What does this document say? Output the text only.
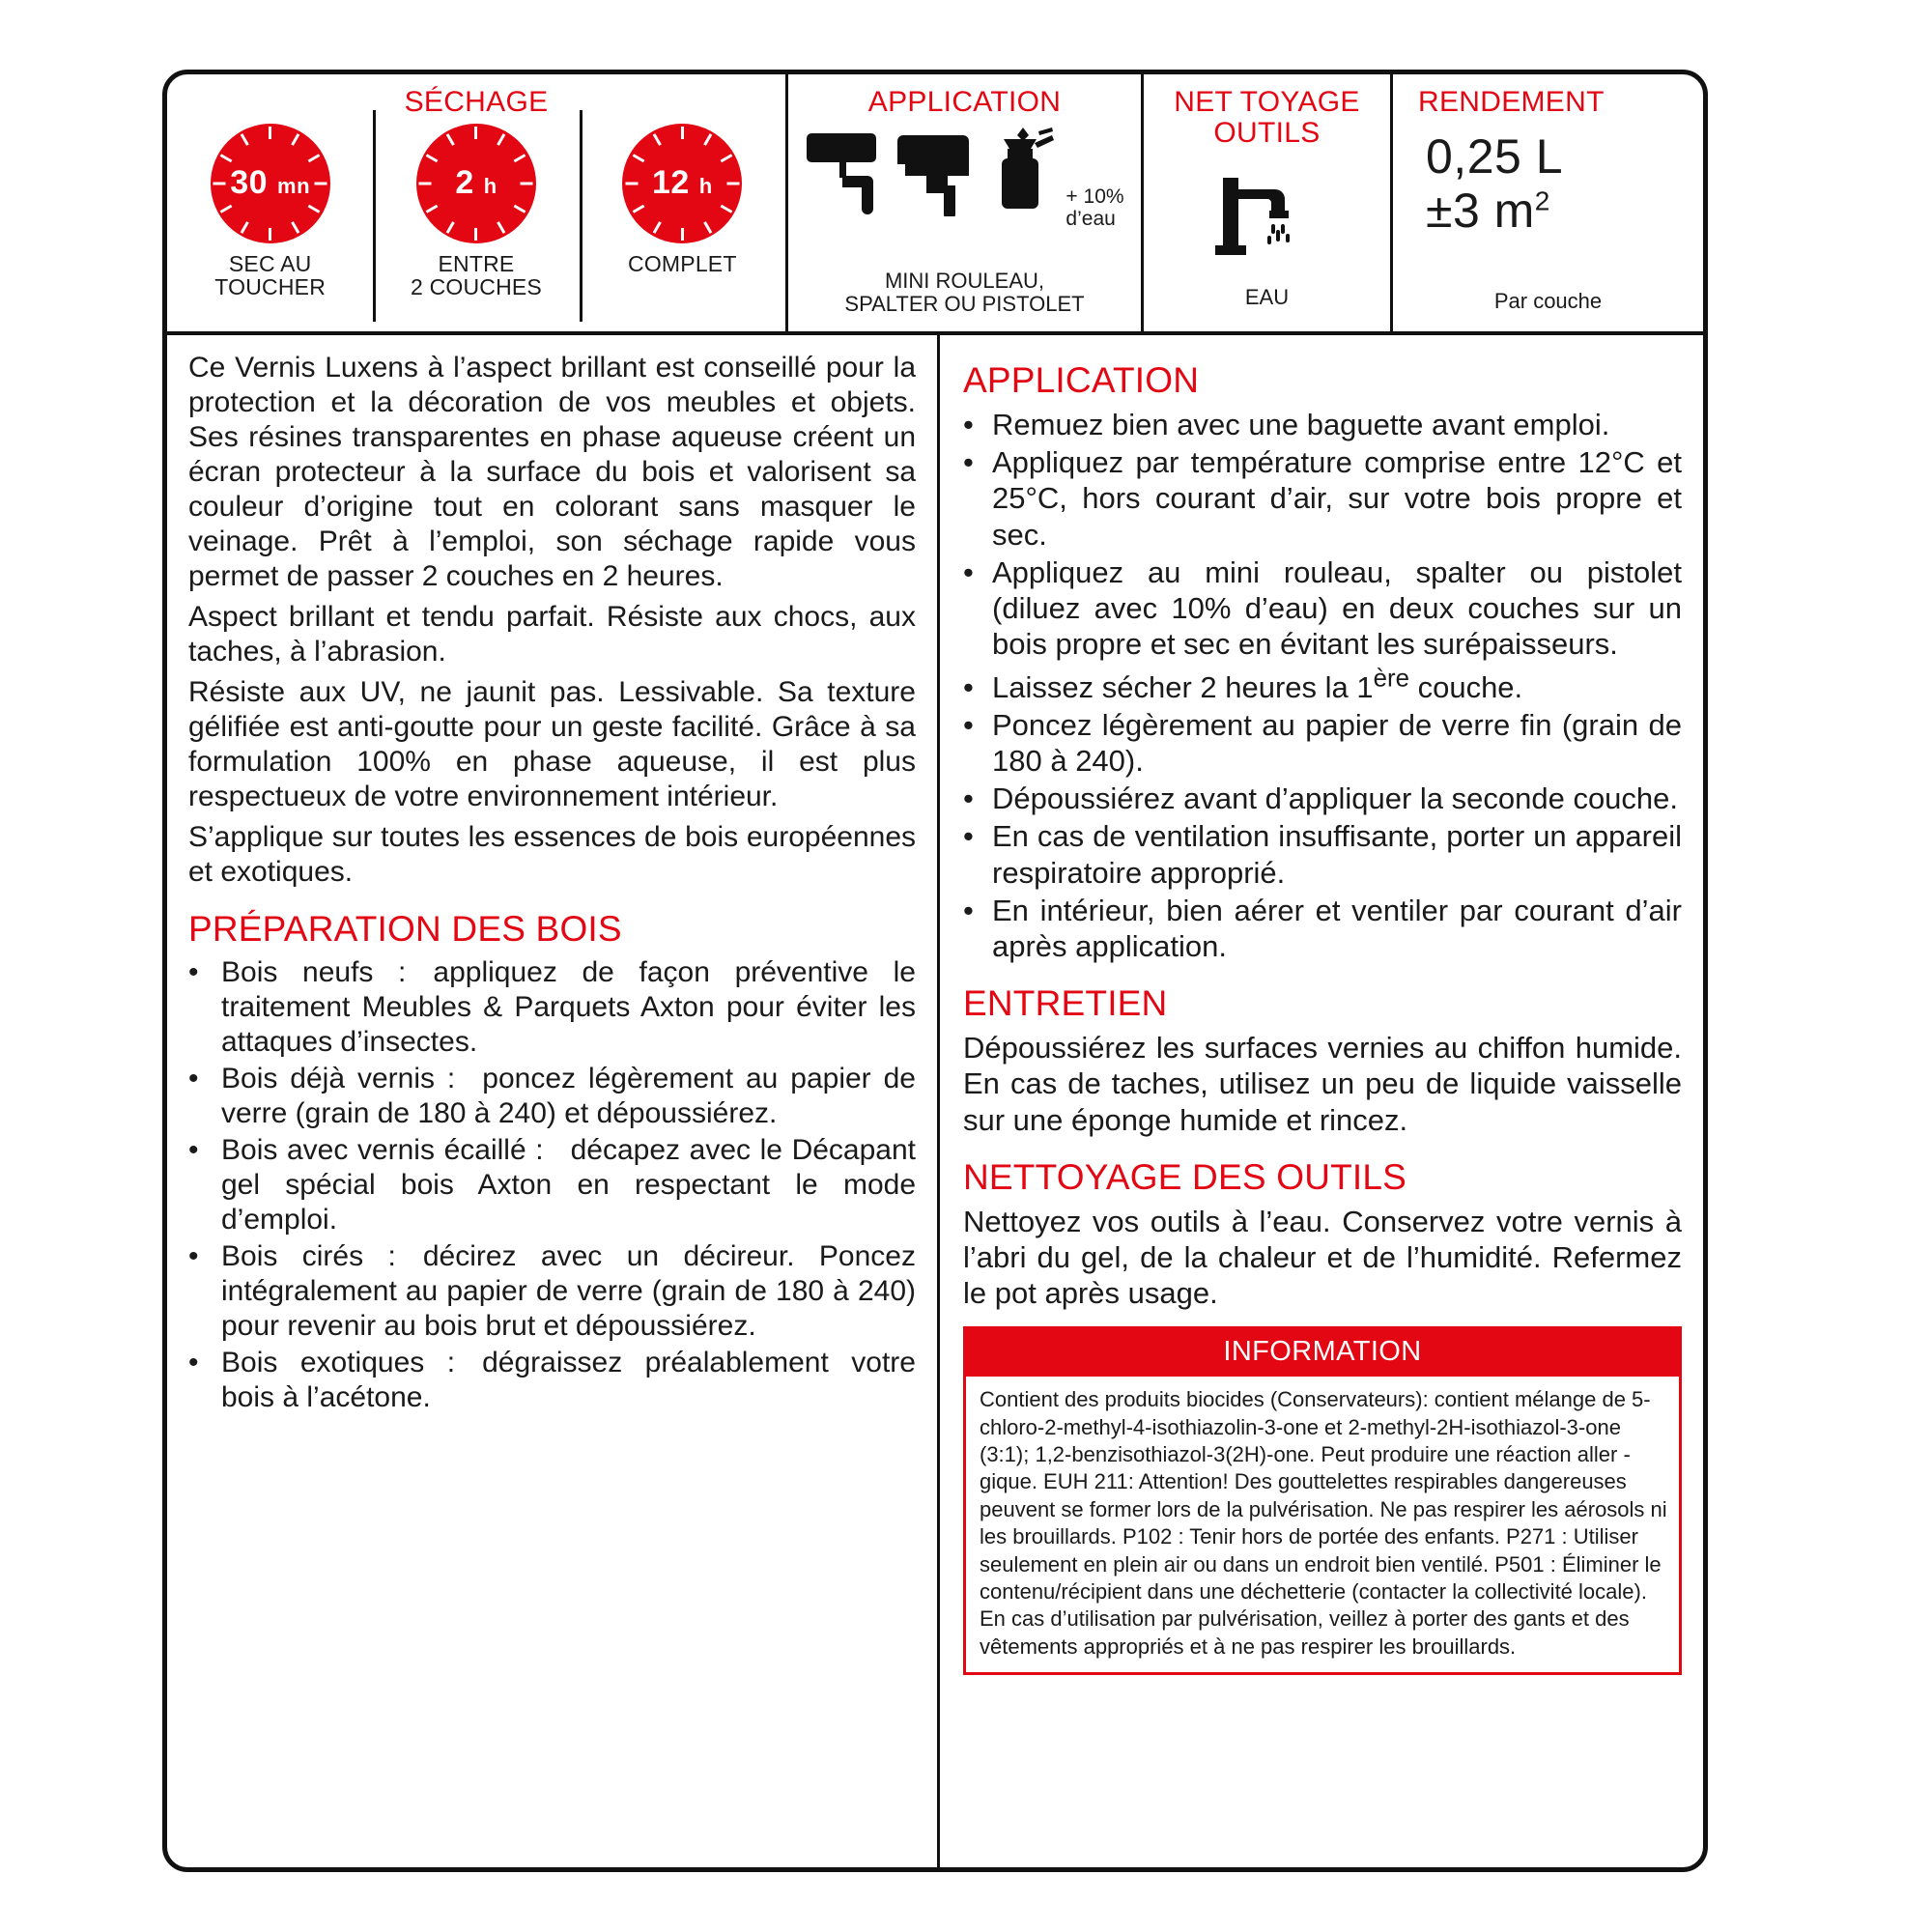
SÉCHAGE
30 mn
SEC AU
TOUCHER
2 h
ENTRE
2 COUCHES
12 h
COMPLET
APPLICATION
+ 10%
d’eau
MINI ROULEAU,
SPALTER OU PISTOLET
NET TOYAGE
OUTILS
EAU
RENDEMENT
0,25 L
±3 $m^2$
Par couche

Ce Vernis Luxens à l’aspect brillant est conseillé pour la protection et la décoration de vos meubles et objets. Ses résines transparentes en phase aqueuse créent un écran protecteur à la surface du bois et valorisent sa couleur d’origine tout en colorant sans masquer le veinage. Prêt à l’emploi, son séchage rapide vous permet de passer 2 couches en 2 heures.

Aspect brillant et tendu parfait. Résiste aux chocs, aux taches, à l’abrasion.

Résiste aux UV, ne jaunit pas. Lessivable. Sa texture gélifiée est anti-goutte pour un geste facilité. Grâce à sa formulation 100% en phase aqueuse, il est plus respectueux de votre environnement intérieur.

S’applique sur toutes les essences de bois européennes et exotiques.

PRÉPARATION DES BOIS

• Bois neufs : appliquez de façon préventive le traitement Meubles & Parquets Axton pour éviter les attaques d’insectes.

• Bois déjà vernis : poncez légèrement au papier de verre (grain de 180 à 240) et dépoussiérez.

• Bois avec vernis écaillé : décapez avec le Décapant gel spécial bois Axton en respectant le mode d’emploi.

• Bois cirés : décirez avec un décireur. Poncez intégralement au papier de verre (grain de 180 à 240) pour revenir au bois brut et dépoussiérez.

• Bois exotiques : dégraissez préalablement votre bois à l’acétone.

APPLICATION

• Remuez bien avec une baguette avant emploi.

• Appliquez par température comprise entre 12°C et 25°C, hors courant d’air, sur votre bois propre et sec.

• Appliquez au mini rouleau, spalter ou pistolet (diluez avec 10% d’eau) en deux couches sur un bois propre et sec en évitant les surépaisseurs.

• Laissez sécher 2 heures la 1ère couche.

• Poncez légèrement au papier de verre fin (grain de 180 à 240).

• Dépoussiérez avant d’appliquer la seconde couche.

• En cas de ventilation insuffisante, porter un appareil respiratoire approprié.

• En intérieur, bien aérer et ventiler par courant d’air après application.

ENTRETIEN

Dépoussiérez les surfaces vernies au chiffon humide. En cas de taches, utilisez un peu de liquide vaisselle sur une éponge humide et rincez.

NETTOYAGE DES OUTILS

Nettoyez vos outils à l’eau. Conservez votre vernis à l’abri du gel, de la chaleur et de l’humidité. Refermez le pot après usage.

INFORMATION
Contient des produits biocides (Conservateurs): contient mélange de 5-chloro-2-methyl-4-isothiazolin-3-one et 2-methyl-2H-isothiazol-3-one (3:1); 1,2-benzisothiazol-3(2H)-one. Peut produire une réaction aller - gique. EUH 211: Attention! Des gouttelettes respirables dangereuses peuvent se former lors de la pulvérisation. Ne pas respirer les aérosols ni les brouillards. P102 : Tenir hors de portée des enfants. P271 : Utiliser seulement en plein air ou dans un endroit bien ventilé. P501 : Éliminer le contenu/récipient dans une déchetterie (contacter la collectivité locale). En cas d’utilisation par pulvérisation, veillez à porter des gants et des vêtements appropriés et à ne pas respirer les brouillards.
